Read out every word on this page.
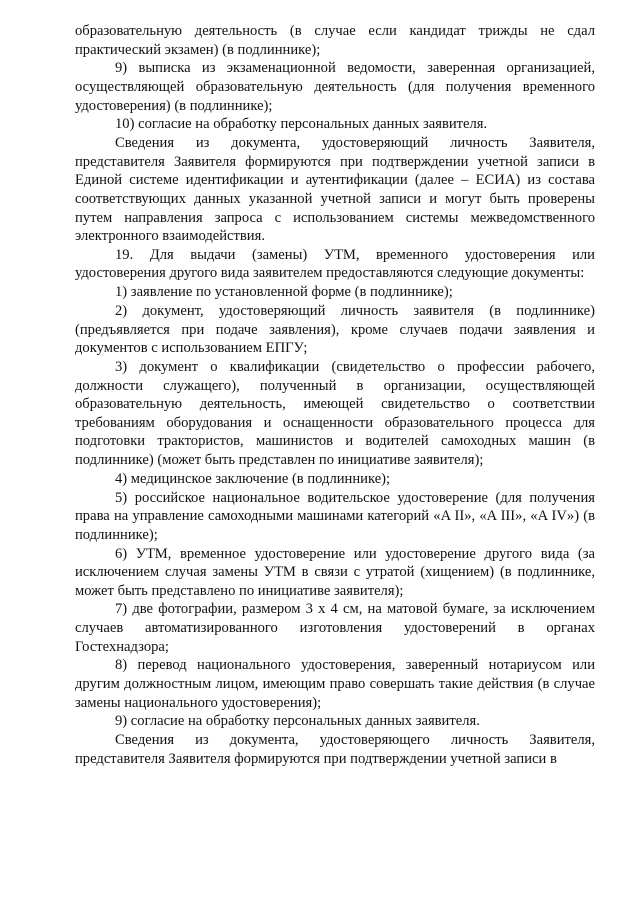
образовательную деятельность (в случае если кандидат трижды не сдал практический экзамен) (в подлиннике);

9) выписка из экзаменационной ведомости, заверенная организацией, осуществляющей образовательную деятельность (для получения временного удостоверения) (в подлиннике);

10) согласие на обработку персональных данных заявителя.

Сведения из документа, удостоверяющий личность Заявителя, представителя Заявителя формируются при подтверждении учетной записи в Единой системе идентификации и аутентификации (далее – ЕСИА) из состава соответствующих данных указанной учетной записи и могут быть проверены путем направления запроса с использованием системы межведомственного электронного взаимодействия.

19. Для выдачи (замены) УТМ, временного удостоверения или удостоверения другого вида заявителем предоставляются следующие документы:

1) заявление по установленной форме (в подлиннике);

2) документ, удостоверяющий личность заявителя (в подлиннике) (предъявляется при подаче заявления), кроме случаев подачи заявления и документов с использованием ЕПГУ;

3) документ о квалификации (свидетельство о профессии рабочего, должности служащего), полученный в организации, осуществляющей образовательную деятельность, имеющей свидетельство о соответствии требованиям оборудования и оснащенности образовательного процесса для подготовки трактористов, машинистов и водителей самоходных машин (в подлиннике) (может быть представлен по инициативе заявителя);

4) медицинское заключение (в подлиннике);

5) российское национальное водительское удостоверение (для получения права на управление самоходными машинами категорий «A II», «A III», «A IV») (в подлиннике);

6) УТМ, временное удостоверение или удостоверение другого вида (за исключением случая замены УТМ в связи с утратой (хищением) (в подлиннике, может быть представлено по инициативе заявителя);

7) две фотографии, размером 3 х 4 см, на матовой бумаге, за исключением случаев автоматизированного изготовления удостоверений в органах Гостехнадзора;

8) перевод национального удостоверения, заверенный нотариусом или другим должностным лицом, имеющим право совершать такие действия (в случае замены национального удостоверения);

9) согласие на обработку персональных данных заявителя.

Сведения из документа, удостоверяющего личность Заявителя, представителя Заявителя формируются при подтверждении учетной записи в
